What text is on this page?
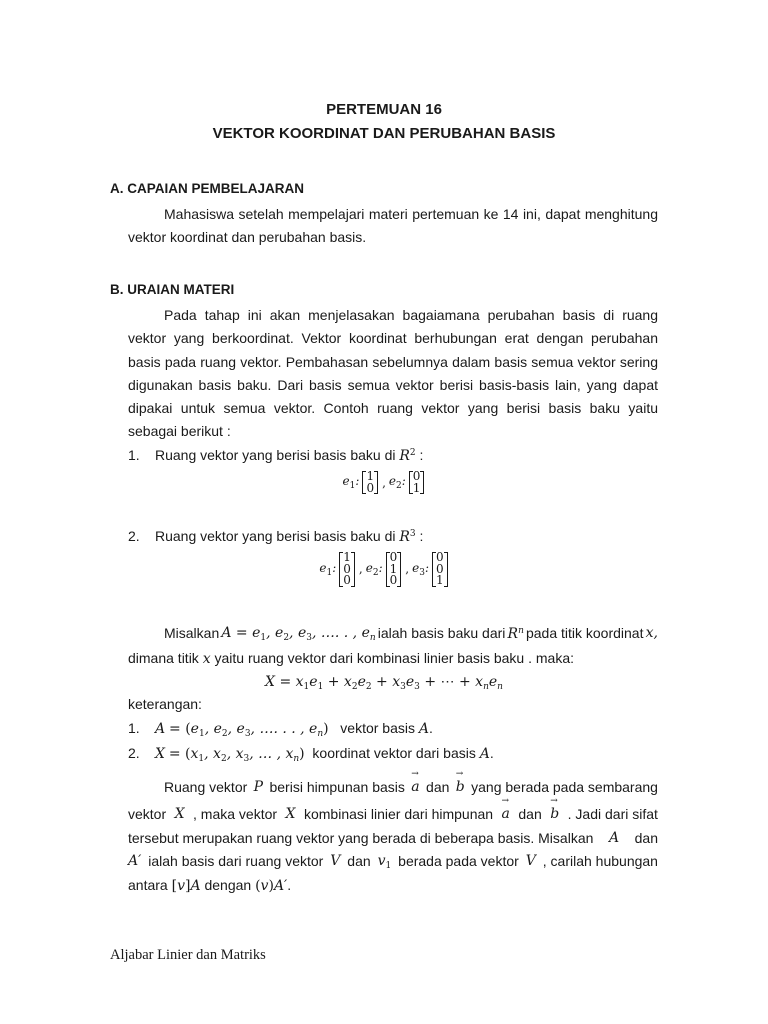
PERTEMUAN 16
VEKTOR KOORDINAT DAN PERUBAHAN BASIS
A. CAPAIAN PEMBELAJARAN
Mahasiswa setelah mempelajari materi pertemuan ke 14 ini, dapat menghitung vektor koordinat dan perubahan basis.
B. URAIAN MATERI
Pada tahap ini akan menjelasakan bagaiamana perubahan basis di ruang vektor yang berkoordinat. Vektor koordinat berhubungan erat dengan perubahan basis pada ruang vektor. Pembahasan sebelumnya dalam basis semua vektor sering digunakan basis baku. Dari basis semua vektor berisi basis-basis lain, yang dapat dipakai untuk semua vektor. Contoh ruang vektor yang berisi basis baku yaitu sebagai berikut :
1. Ruang vektor yang berisi basis baku di $R^2$ :
$e_1$: 1
0 , $e_2$: 0
1
2. Ruang vektor yang berisi basis baku di $R^3$ :
$e_1$:
1
0
0
, $e_2$:
0
1
0
, $e_3$:
0
0
1
Misalkan $A = e_1$, $e_2$, $e_3$, …. . , $e_n$ ialah basis baku dari $R^n$ pada titik koordinat x,
dimana titik x yaitu ruang vektor dari kombinasi linier basis baku . maka:
$X = x_1e_1 + x_2e_2 + x_3e_3$ + ⋯ + $x_ne_n$
keterangan:
1. $A = (e_1$, $e_2$, $e_3$, …. . . , $e_n$) vektor basis A.
2. $X = (x_1$, $x_2$, $x_3$, … , $x_n$) koordinat vektor dari basis A.
Ruang vektor P berisi himpunan basis → a dan → b yang berada pada sembarang
vektor X , maka vektor X kombinasi linier dari himpunan → a dan → b . Jadi dari sifat
tersebut merupakan ruang vektor yang berada di beberapa basis. Misalkan A dan
A′ ialah basis dari ruang vektor V dan $v_1$ berada pada vektor V , carilah hubungan
antara [v]A dengan (v)A′.
Aljabar Linier dan Matriks
